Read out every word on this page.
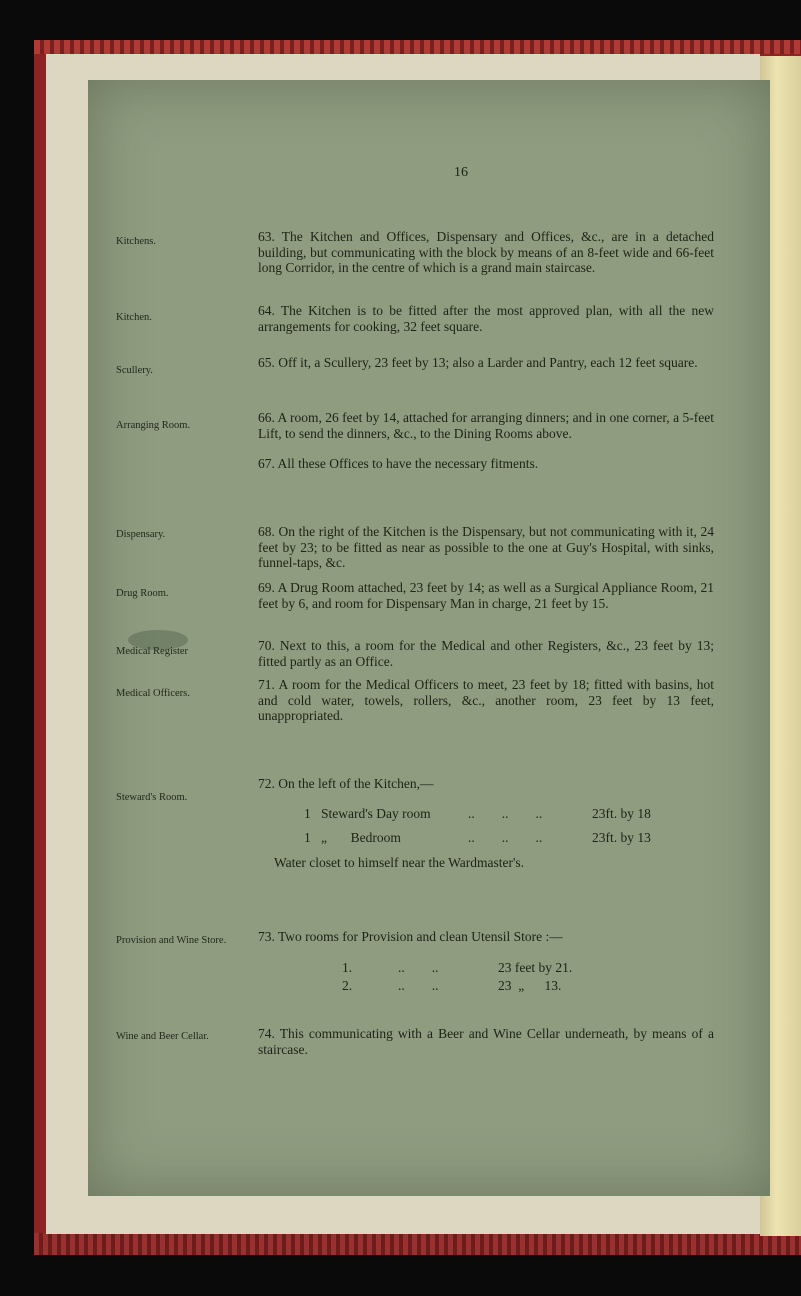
16
Kitchens.	63. The Kitchen and Offices, Dispensary and Offices, &c., are in a detached building, but communicating with the block by means of an 8-feet wide and 66-feet long Corridor, in the centre of which is a grand main staircase.
Kitchen.	64. The Kitchen is to be fitted after the most approved plan, with all the new arrangements for cooking, 32 feet square.
Scullery.
65. Off it, a Scullery, 23 feet by 13; also a Larder and Pantry, each 12 feet square.
Arranging Room.
66. A room, 26 feet by 14, attached for arranging dinners; and in one corner, a 5-feet Lift, to send the dinners, &c., to the Dining Rooms above.
67. All these Offices to have the necessary fitments.
Dispensary.	68. On the right of the Kitchen is the Dispensary, but not communicating with it, 24 feet by 23; to be fitted as near as possible to the one at Guy's Hospital, with sinks, funnel-taps, &c.
Drug Room.	69. A Drug Room attached, 23 feet by 14; as well as a Surgical Appliance Room, 21 feet by 6, and room for Dispensary Man in charge, 21 feet by 15.
Medical Register	70. Next to this, a room for the Medical and other Registers, &c., 23 feet by 13; fitted partly as an Office.
Medical Officers.
71. A room for the Medical Officers to meet, 23 feet by 18; fitted with basins, hot and cold water, towels, rollers, &c., another room, 23 feet by 13 feet, unappropriated.
Steward's Room.
72. On the left of the Kitchen,—
1 Steward's Day room	..        ..        ..	23ft. by 18
1 „       Bedroom	..        ..        ..	23ft. by 13
Water closet to himself near the Wardmaster's.
Provision and Wine Store. 73. Two rooms for Provision and clean Utensil Store :—
1.	..        ..	23 feet by 21.
2.	..        ..	23  „      13.
Wine and Beer Cellar.	74. This communicating with a Beer and Wine Cellar underneath, by means of a staircase.
